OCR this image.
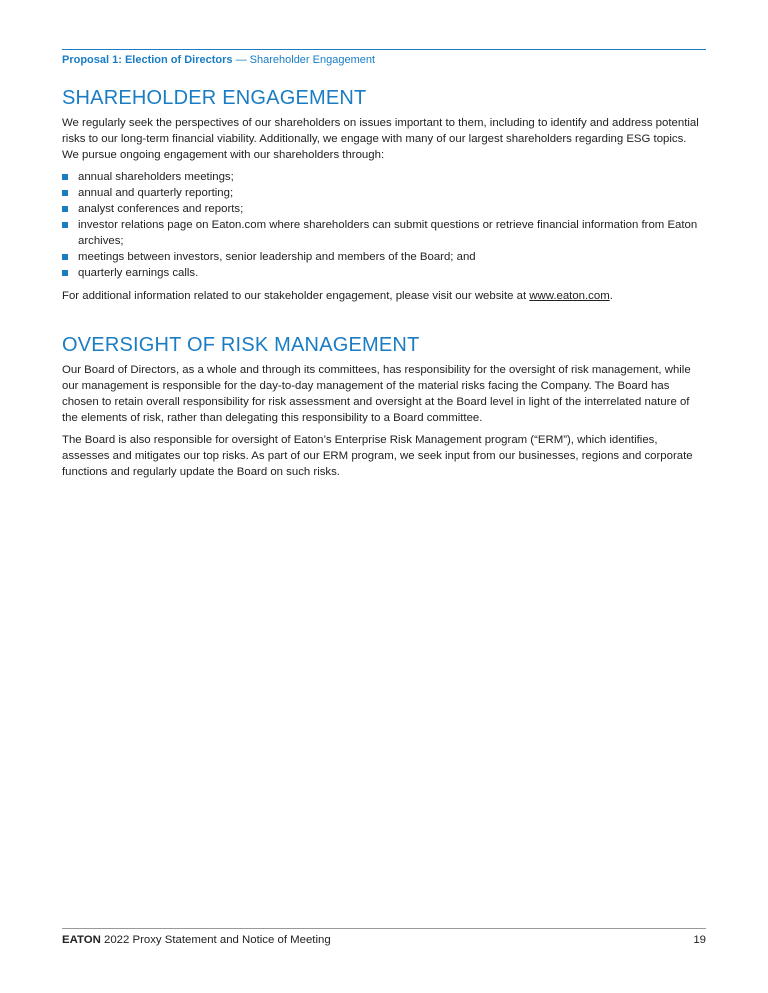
Proposal 1: Election of Directors — Shareholder Engagement
SHAREHOLDER ENGAGEMENT

We regularly seek the perspectives of our shareholders on issues important to them, including to identify and address potential risks to our long-term financial viability. Additionally, we engage with many of our largest shareholders regarding ESG topics. We pursue ongoing engagement with our shareholders through:

annual shareholders meetings;
annual and quarterly reporting;
analyst conferences and reports;
investor relations page on Eaton.com where shareholders can submit questions or retrieve financial information from Eaton archives;
meetings between investors, senior leadership and members of the Board; and
quarterly earnings calls.

For additional information related to our stakeholder engagement, please visit our website at www.eaton.com.

OVERSIGHT OF RISK MANAGEMENT

Our Board of Directors, as a whole and through its committees, has responsibility for the oversight of risk management, while our management is responsible for the day-to-day management of the material risks facing the Company. The Board has chosen to retain overall responsibility for risk assessment and oversight at the Board level in light of the interrelated nature of the elements of risk, rather than delegating this responsibility to a Board committee.

The Board is also responsible for oversight of Eaton’s Enterprise Risk Management program (“ERM”), which identifies, assesses and mitigates our top risks. As part of our ERM program, we seek input from our businesses, regions and corporate functions and regularly update the Board on such risks.

EATON 2022 Proxy Statement and Notice of Meeting	19
